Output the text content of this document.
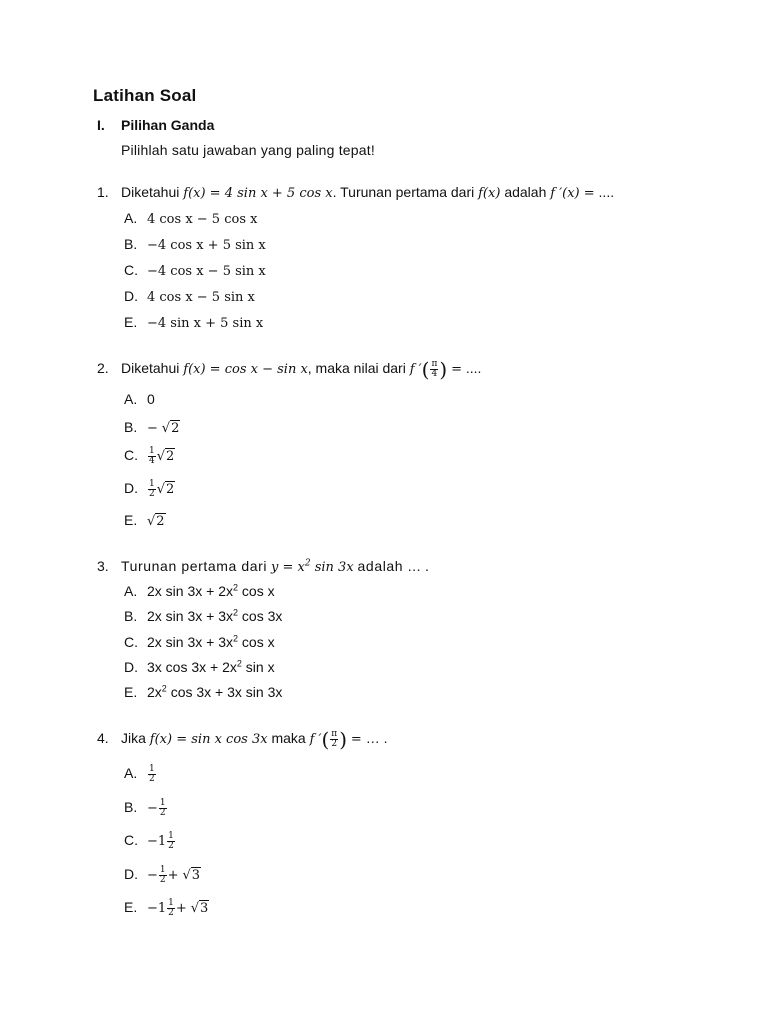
Latihan Soal
I. Pilihan Ganda
Pilihlah satu jawaban yang paling tepat!
1. Diketahui f(x) = 4 sin x + 5 cos x. Turunan pertama dari f(x) adalah f ′(x) = ....
A. 4 cos x − 5 cos x
B. −4 cos x + 5 sin x
C. −4 cos x − 5 sin x
D. 4 cos x − 5 sin x
E. −4 sin x + 5 sin x
2. Diketahui f(x) = cos x − sin x, maka nilai dari f ′( $\frac{\pi}{4}$ ) = ....
A. 0
B. − √2
C. $\frac{1}{4} √2$
D. $\frac{1}{2} √2$
E. √2
3. Turunan pertama dari $y = x^2$ sin 3x adalah … .
A. 2x $\sin 3x + 2x^2$ cos x
B. 2x $\sin 3x + 3x^2$ cos 3x
C. 2x $\sin 3x + 3x^2$ cos x
D. 3x $\cos 3x + 2x^2$ sin x
E. $2x^2$ cos 3x + 3x sin 3x
4. Jika f(x) = sin x cos 3x maka f ′( $\frac{\pi}{2}$ ) = … .
A. $\frac{1}{2}$
B. − $\frac{1}{2}$
C. $-1 \frac{1}{2}$
D. − $\frac{1}{2} + √3$
E. $-1 \frac{1}{2} + √3$
